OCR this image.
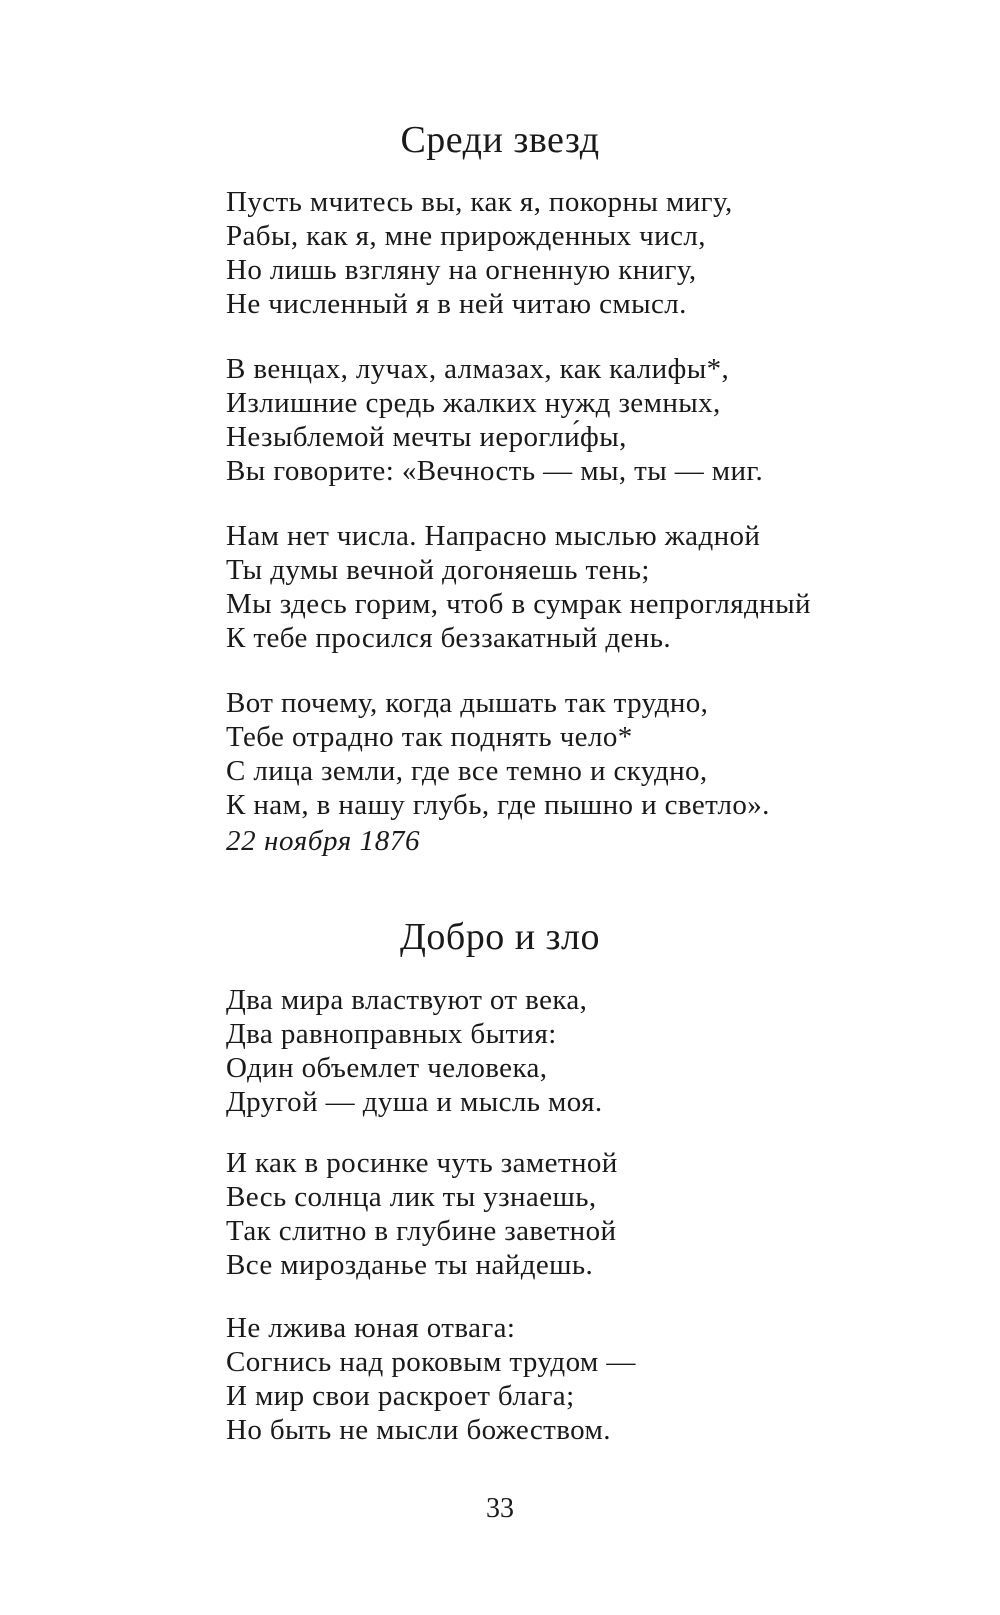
Среди звезд
Пусть мчитесь вы, как я, покорны мигу,
Рабы, как я, мне прирожденных числ,
Но лишь взгляну на огненную книгу,
Не численный я в ней читаю смысл.
В венцах, лучах, алмазах, как калифы*,
Излишние средь жалких нужд земных,
Незыблемой мечты иерогли́фы,
Вы говорите: «Вечность — мы, ты — миг.
Нам нет числа. Напрасно мыслью жадной
Ты думы вечной догоняешь тень;
Мы здесь горим, чтоб в сумрак непроглядный
К тебе просился беззакатный день.
Вот почему, когда дышать так трудно,
Тебе отрадно так поднять чело*
С лица земли, где все темно и скудно,
К нам, в нашу глубь, где пышно и светло».
22 ноября 1876
Добро и зло
Два мира властвуют от века,
Два равноправных бытия:
Один объемлет человека,
Другой — душа и мысль моя.
И как в росинке чуть заметной
Весь солнца лик ты узнаешь,
Так слитно в глубине заветной
Все мирозданье ты найдешь.
Не лжива юная отвага:
Согнись над роковым трудом —
И мир свои раскроет блага;
Но быть не мысли божеством.
33
